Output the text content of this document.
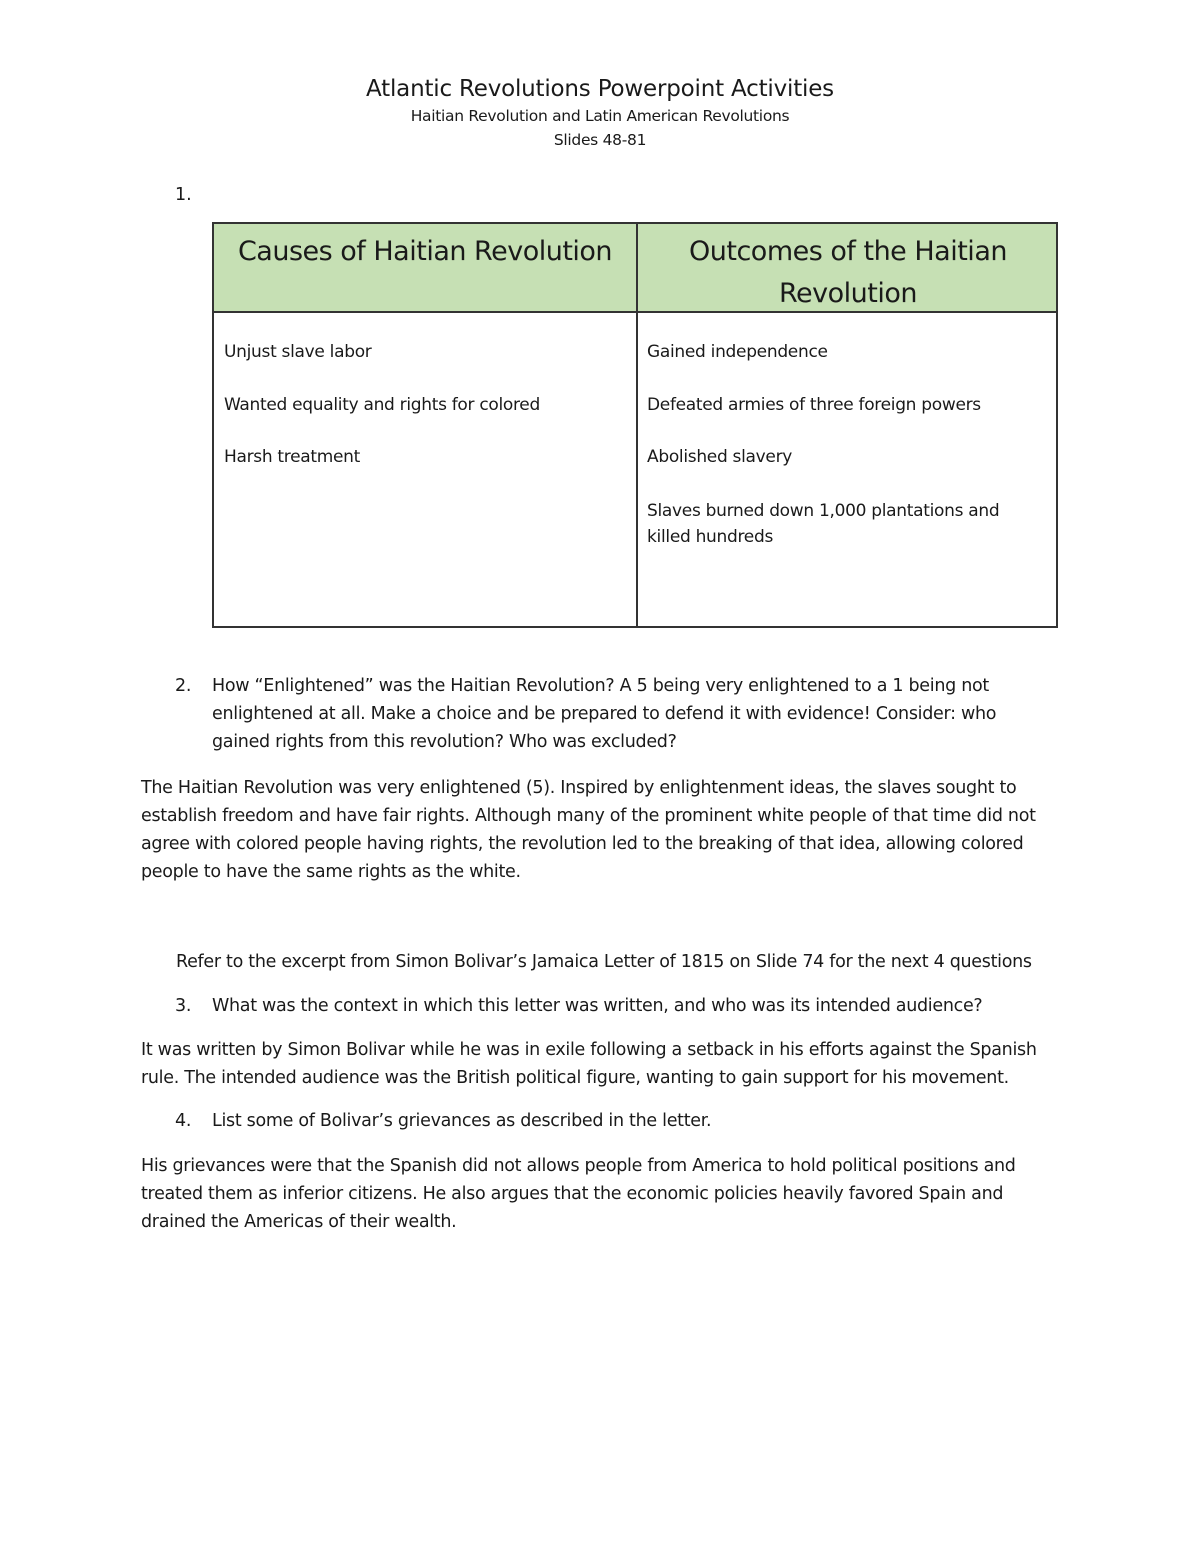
Atlantic Revolutions Powerpoint Activities
Haitian Revolution and Latin American Revolutions
Slides 48-81
1.
Causes of Haitian Revolution	Outcomes of the Haitian Revolution
Unjust slave labor
Wanted equality and rights for colored
Harsh treatment
Gained independence
Defeated armies of three foreign powers
Abolished slavery
Slaves burned down 1,000 plantations and killed hundreds
2. How “Enlightened” was the Haitian Revolution? A 5 being very enlightened to a 1 being not enlightened at all. Make a choice and be prepared to defend it with evidence! Consider: who gained rights from this revolution? Who was excluded?
The Haitian Revolution was very enlightened (5). Inspired by enlightenment ideas, the slaves sought to establish freedom and have fair rights. Although many of the prominent white people of that time did not agree with colored people having rights, the revolution led to the breaking of that idea, allowing colored people to have the same rights as the white.
Refer to the excerpt from Simon Bolivar’s Jamaica Letter of 1815 on Slide 74 for the next 4 questions
3. What was the context in which this letter was written, and who was its intended audience?
It was written by Simon Bolivar while he was in exile following a setback in his efforts against the Spanish rule. The intended audience was the British political figure, wanting to gain support for his movement.
4. List some of Bolivar’s grievances as described in the letter.
His grievances were that the Spanish did not allows people from America to hold political positions and treated them as inferior citizens. He also argues that the economic policies heavily favored Spain and drained the Americas of their wealth.
